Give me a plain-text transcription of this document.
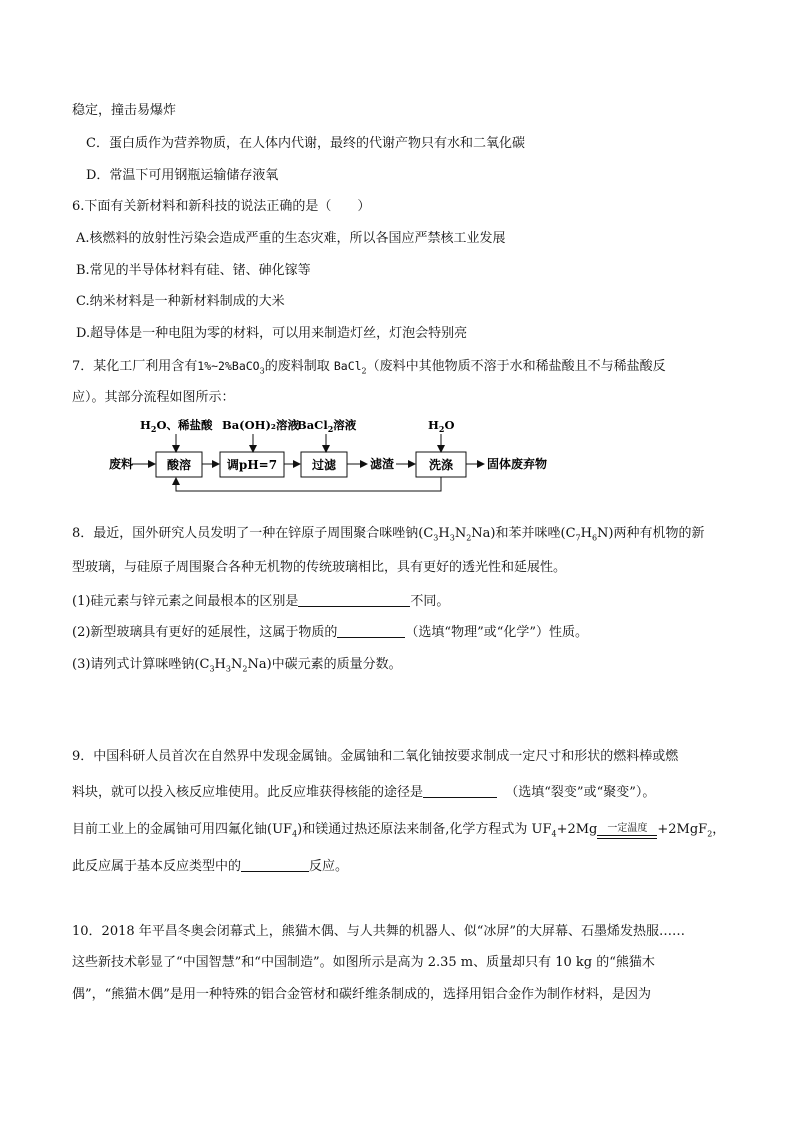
稳定，撞击易爆炸
C．蛋白质作为营养物质，在人体内代谢，最终的代谢产物只有水和二氧化碳
D．常温下可用钢瓶运输储存液氧
6.下面有关新材料和新科技的说法正确的是（　　）
A.核燃料的放射性污染会造成严重的生态灾难，所以各国应严禁核工业发展
B.常见的半导体材料有硅、锗、砷化镓等
C.纳米材料是一种新材料制成的大米
D.超导体是一种电阻为零的材料，可以用来制造灯丝，灯泡会特别亮
7．某化工厂利用含有1%~2%BaCO$_3$的废料制取 BaCl$_2$（废料中其他物质不溶于水和稀盐酸且不与稀盐酸反
应）。其部分流程如图所示：
$H_2O$、稀盐酸 Ba(OH)₂溶液
BaCl$_2$溶液	$H_2O$
废料	酸溶	调pH=7	过滤	滤渣	洗涤	固体废弃物
8．最近，国外研究人员发明了一种在锌原子周围聚合咪唑钠$(C_3H_3N_2Na)$和苯并咪唑$(C_7H_6N)$两种有机物的新
型玻璃，与硅原子周围聚合各种无机物的传统玻璃相比，具有更好的透光性和延展性。
(1)硅元素与锌元素之间最根本的区别是	不同。
(2)新型玻璃具有更好的延展性，这属于物质的	（选填“物理”或“化学”）性质。
(3)请列式计算咪唑钠$(C_3H_3N_2Na)$中碳元素的质量分数。
9．中国科研人员首次在自然界中发现金属铀。金属铀和二氧化铀按要求制成一定尺寸和形状的燃料棒或燃
料块，就可以投入核反应堆使用。此反应堆获得核能的途径是	（选填“裂变”或“聚变”）。
目前工业上的金属铀可用四氟化铀$(UF_4)$和镁通过热还原法来制备,化学方程式为 $UF_4+2Mg$	一定温度 +2MgF$_2$，
此反应属于基本反应类型中的	反应。
10．2018 年平昌冬奥会闭幕式上，熊猫木偶、与人共舞的机器人、似“冰屏”的大屏幕、石墨烯发热服……
这些新技术彰显了“中国智慧”和“中国制造”。如图所示是高为 2.35 m、质量却只有 10 kg 的“熊猫木
偶”，“熊猫木偶”是用一种特殊的铝合金管材和碳纤维条制成的，选择用铝合金作为制作材料，是因为
